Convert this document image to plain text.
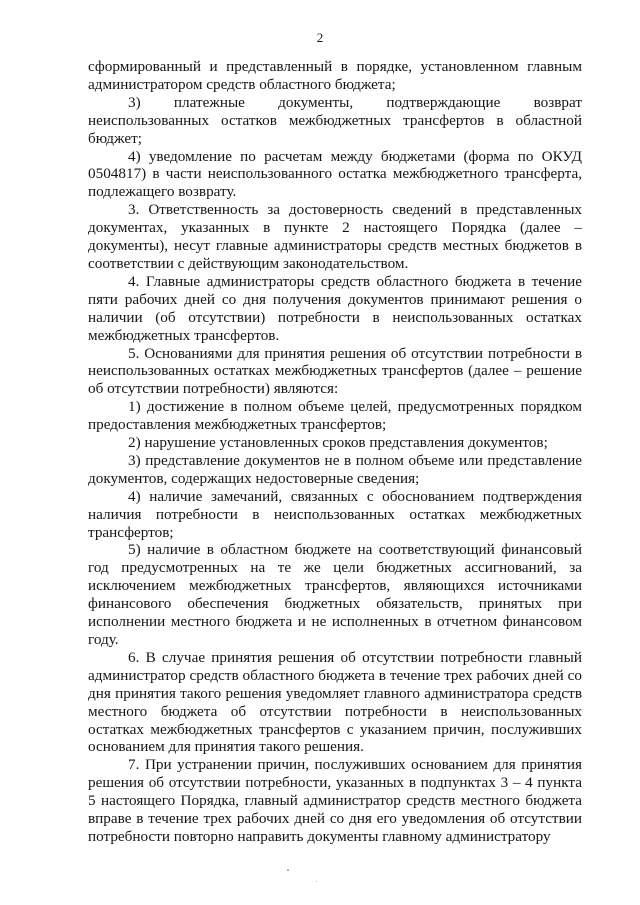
2

сформированный и представленный в порядке, установленном главным администратором средств областного бюджета;

3) платежные документы, подтверждающие возврат неиспользованных остатков межбюджетных трансфертов в областной бюджет;

4) уведомление по расчетам между бюджетами (форма по ОКУД 0504817) в части неиспользованного остатка межбюджетного трансферта, подлежащего возврату.

3. Ответственность за достоверность сведений в представленных документах, указанных в пункте 2 настоящего Порядка (далее – документы), несут главные администраторы средств местных бюджетов в соответствии с действующим законодательством.

4. Главные администраторы средств областного бюджета в течение пяти рабочих дней со дня получения документов принимают решения о наличии (об отсутствии) потребности в неиспользованных остатках межбюджетных трансфертов.

5. Основаниями для принятия решения об отсутствии потребности в неиспользованных остатках межбюджетных трансфертов (далее – решение об отсутствии потребности) являются:

1) достижение в полном объеме целей, предусмотренных порядком предоставления межбюджетных трансфертов;

2) нарушение установленных сроков представления документов;

3) представление документов не в полном объеме или представление документов, содержащих недостоверные сведения;

4) наличие замечаний, связанных с обоснованием подтверждения наличия потребности в неиспользованных остатках межбюджетных трансфертов;

5) наличие в областном бюджете на соответствующий финансовый год предусмотренных на те же цели бюджетных ассигнований, за исключением межбюджетных трансфертов, являющихся источниками финансового обеспечения бюджетных обязательств, принятых при исполнении местного бюджета и не исполненных в отчетном финансовом году.

6. В случае принятия решения об отсутствии потребности главный администратор средств областного бюджета в течение трех рабочих дней со дня принятия такого решения уведомляет главного администратора средств местного бюджета об отсутствии потребности в неиспользованных остатках межбюджетных трансфертов с указанием причин, послуживших основанием для принятия такого решения.

7. При устранении причин, послуживших основанием для принятия решения об отсутствии потребности, указанных в подпунктах 3 – 4 пункта 5 настоящего Порядка, главный администратор средств местного бюджета вправе в течение трех рабочих дней со дня его уведомления об отсутствии потребности повторно направить документы главному администратору
